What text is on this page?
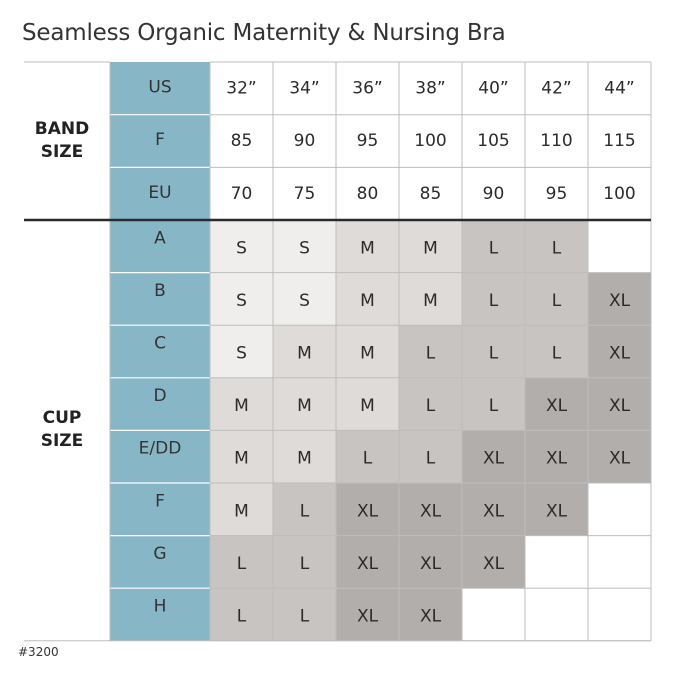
Seamless Organic Maternity & Nursing Bra
BAND
SIZE
CUP
SIZE
US	32” 34” 36” 38” 40” 42” 44”
F	85 90 95 100 105 110 115
EU	70 75 80 85 90 95 100
A	S	S	M	M	L	L
B	S	S	M	M	L	L	XL
C	S	M	M	L	L	L	XL
D	M	M	M	L	L	XL XL
E/DD	M	M	L	L	XL XL XL
F	M	L	XL XL XL XL
G	L	L	XL XL XL
H	L	L	XL XL
#3200
